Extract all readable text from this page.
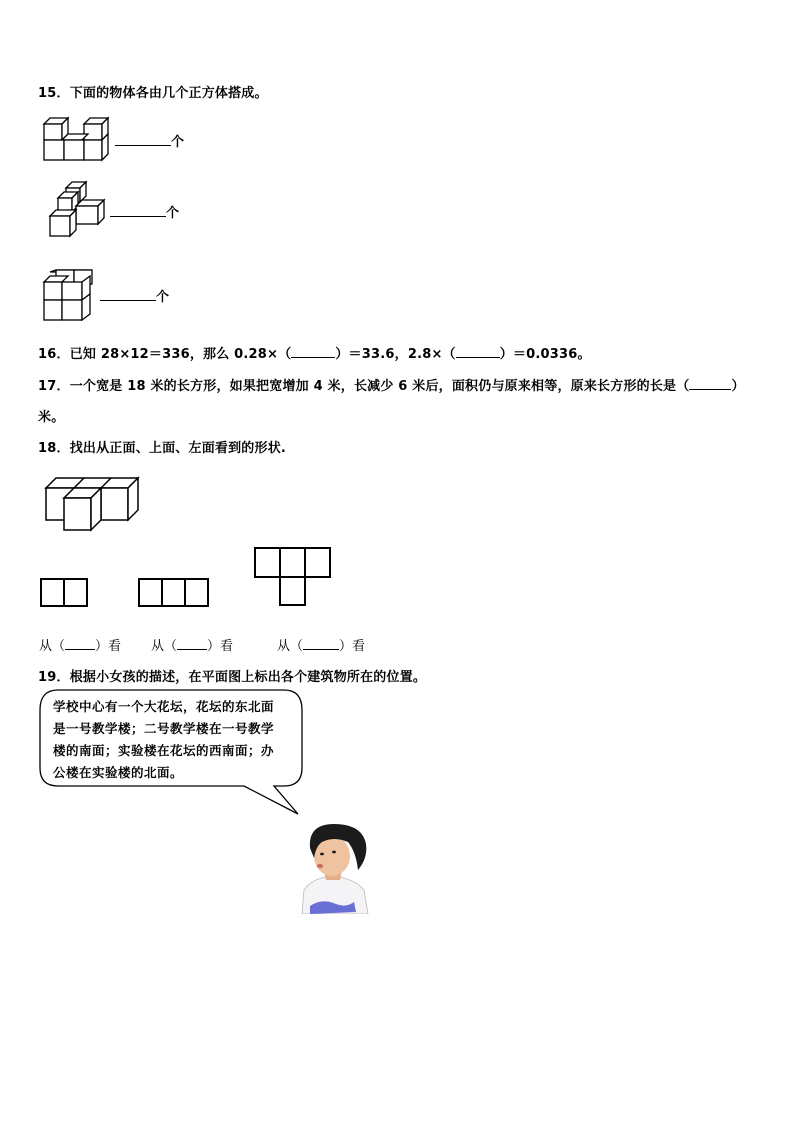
15．下面的物体各由几个正方体搭成。
个
个
个
16．已知 28×12＝336，那么 0.28×（	）＝33.6，2.8×（	）＝0.0336。
17．一个宽是 18 米的长方形，如果把宽增加 4 米，长减少 6 米后，面积仍与原来相等，原来长方形的长是（	）
米。
18．找出从正面、上面、左面看到的形状.
从（ ）看 从（ ）看	从（	）看
19．根据小女孩的描述，在平面图上标出各个建筑物所在的位置。
学校中心有一个大花坛，花坛的东北面
是一号教学楼；二号教学楼在一号教学
楼的南面；实验楼在花坛的西南面；办
公楼在实验楼的北面。
